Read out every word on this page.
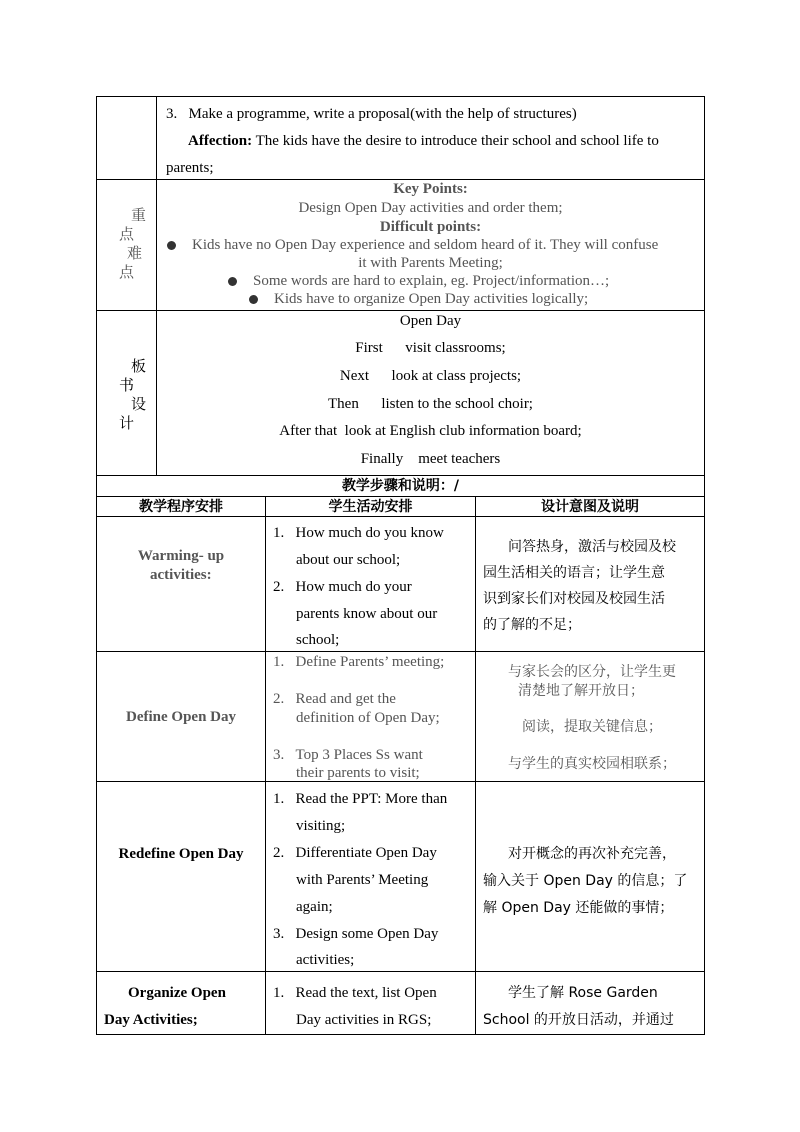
3.   Make a programme, write a proposal(with the help of structures)
Affection: The kids have the desire to introduce their school and school life to
parents;
重
点
难
点
Key Points:
Design Open Day activities and order them;
Difficult points:
Kids have no Open Day experience and seldom heard of it. They will confuse
it with Parents Meeting;
Some words are hard to explain, eg. Project/information…;
Kids have to organize Open Day activities logically;
板
书
设
计
Open Day
First      visit classrooms;
Next      look at class projects;
Then      listen to the school choir;
After that  look at English club information board;
Finally    meet teachers
教学步骤和说明：/
教学程序安排	学生活动安排	设计意图及说明
Warming- up
activities:
1.   How much do you know
about our school;
2.   How much do your
parents know about our
school;
问答热身，激活与校园及校
园生活相关的语言；让学生意
识到家长们对校园及校园生活
的了解的不足；
Define Open Day
1.   Define Parents’ meeting;
2.   Read and get the
definition of Open Day;
3.   Top 3 Places Ss want
their parents to visit;
与家长会的区分，让学生更
清楚地了解开放日；
阅读，提取关键信息；
与学生的真实校园相联系；
Redefine Open Day
1.   Read the PPT: More than
visiting;
2.   Differentiate Open Day
with Parents’ Meeting
again;
3.   Design some Open Day
activities;
对开概念的再次补充完善，
输入关于 Open Day 的信息；了
解 Open Day 还能做的事情；
Organize Open
Day Activities;
1.   Read the text, list Open
Day activities in RGS;
学生了解 Rose Garden
School 的开放日活动，并通过
